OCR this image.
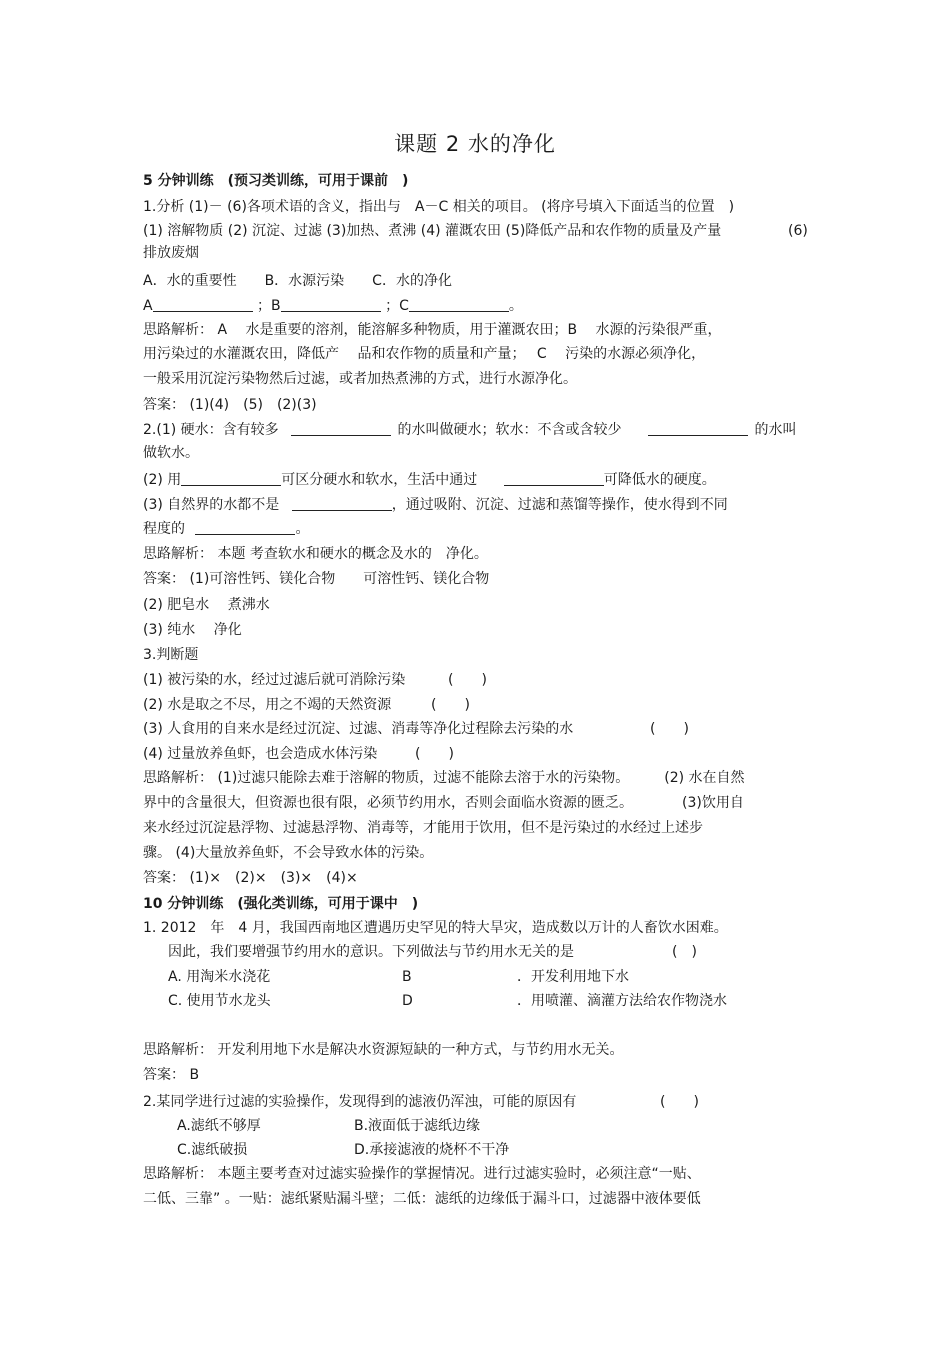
课题 2 水的净化
5 分钟训练　(预习类训练，可用于课前　)
1.分析 (1)－ (6)各项术语的含义，指出与　A－C 相关的项目。 (将序号填入下面适当的位置　)
(1) 溶解物质 (2) 沉淀、过滤 (3)加热、煮沸 (4) 灌溉农田 (5)降低产品和农作物的质量及产量	(6)
排放废烟
A．水的重要性　　B．水源污染　　C．水的净化
A	；B	；C	。
思路解析： A　 水是重要的溶剂，能溶解多种物质，用于灌溉农田；B　 水源的污染很严重，
用污染过的水灌溉农田，降低产　 品和农作物的质量和产量；　 C　 污染的水源必须净化，
一般采用沉淀污染物然后过滤，或者加热煮沸的方式，进行水源净化。
答案： (1)(4)　(5)　(2)(3)
2.(1) 硬水：含有较多	的水叫做硬水；软水：不含或含较少	的水叫
做软水。
(2) 用	可区分硬水和软水，生活中通过	可降低水的硬度。
(3) 自然界的水都不是	，通过吸附、沉淀、过滤和蒸馏等操作，使水得到不同
程度的	。
思路解析： 本题 考查软水和硬水的概念及水的　净化。
答案： (1)可溶性钙、镁化合物　　可溶性钙、镁化合物
(2) 肥皂水　 煮沸水
(3) 纯水　 净化
3.判断题
(1) 被污染的水，经过过滤后就可消除污染	(　　)
(2) 水是取之不尽，用之不竭的天然资源	(　　)
(3) 人食用的自来水是经过沉淀、过滤、消毒等净化过程除去污染的水	(　　)
(4) 过量放养鱼虾，也会造成水体污染	(　　)
思路解析： (1)过滤只能除去难于溶解的物质，过滤不能除去溶于水的污染物。　　　(2) 水在自然
界中的含量很大，但资源也很有限，必须节约用水，否则会面临水资源的匮乏。　　　　(3)饮用自
来水经过沉淀悬浮物、过滤悬浮物、消毒等，才能用于饮用，但不是污染过的水经过上述步
骤。 (4)大量放养鱼虾，不会导致水体的污染。
答案： (1)×　(2)×　(3)×　(4)×
10 分钟训练　(强化类训练，可用于课中　)
1. 2012　年　4 月，我国西南地区遭遇历史罕见的特大旱灾，造成数以万计的人畜饮水困难。
因此，我们要增强节约用水的意识。下列做法与节约用水无关的是	(　)
A. 用淘米水浇花	B	．开发利用地下水
C. 使用节水龙头	D	．用喷灌、滴灌方法给农作物浇水
思路解析： 开发利用地下水是解决水资源短缺的一种方式，与节约用水无关。
答案： B
2.某同学进行过滤的实验操作，发现得到的滤液仍浑浊，可能的原因有	(　　)
A.滤纸不够厚	B.液面低于滤纸边缘
C.滤纸破损	D.承接滤液的烧杯不干净
思路解析： 本题主要考查对过滤实验操作的掌握情况。进行过滤实验时，必须注意“一贴、
二低、三靠” 。一贴：滤纸紧贴漏斗壁；二低：滤纸的边缘低于漏斗口，过滤器中液体要低
